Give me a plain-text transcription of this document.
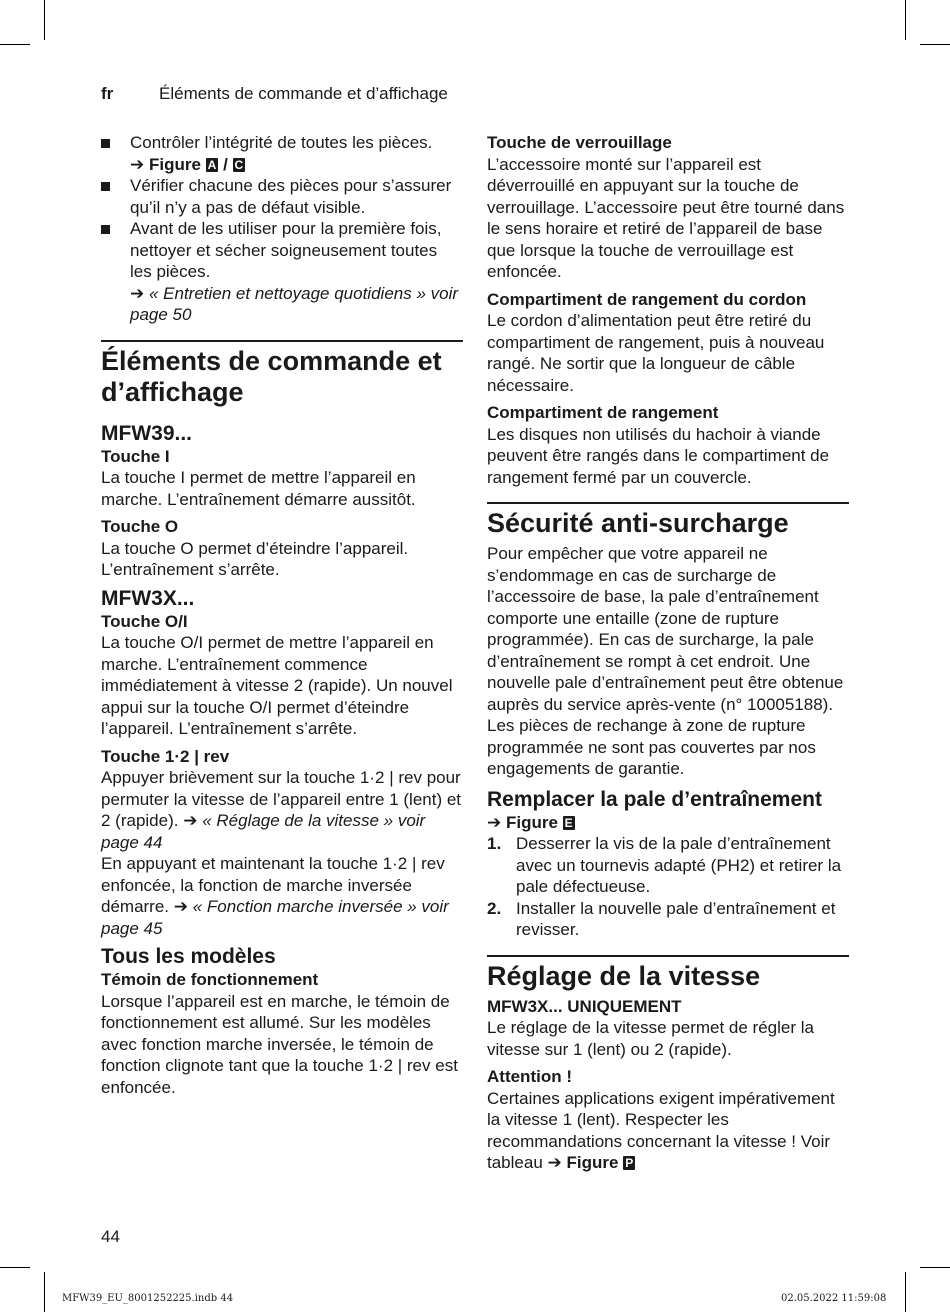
fr	Éléments de commande et d’affichage
Contrôler l’intégrité de toutes les pièces.
➔ Figure A / C
Vérifier chacune des pièces pour s’assurer qu’il n’y a pas de défaut visible.
Avant de les utiliser pour la première fois, nettoyer et sécher soigneusement toutes les pièces.
➔ « Entretien et nettoyage quotidiens » voir page 50
Éléments de commande et d’affichage
MFW39...
Touche I

La touche I permet de mettre l’appareil en marche. L’entraînement démarre aussitôt.

Touche O

La touche O permet d’éteindre l’appareil. L’entraînement s’arrête.

MFW3X...
Touche O/I

La touche O/I permet de mettre l’appareil en marche. L’entraînement commence immédiatement à vitesse 2 (rapide). Un nouvel appui sur la touche O/I permet d’éteindre l’appareil. L’entraînement s’arrête.

Touche 1·2 | rev

Appuyer brièvement sur la touche 1·2 | rev pour permuter la vitesse de l’appareil entre 1 (lent) et 2 (rapide). ➔ « Réglage de la vitesse » voir page 44

En appuyant et maintenant la touche 1·2 | rev enfoncée, la fonction de marche inversée démarre. ➔ « Fonction marche inversée » voir page 45

Tous les modèles
Témoin de fonctionnement

Lorsque l’appareil est en marche, le témoin de fonctionnement est allumé. Sur les modèles avec fonction marche inversée, le témoin de fonction clignote tant que la touche 1·2 | rev est enfoncée.

Touche de verrouillage

L’accessoire monté sur l’appareil est déverrouillé en appuyant sur la touche de verrouillage. L’accessoire peut être tourné dans le sens horaire et retiré de l’appareil de base que lorsque la touche de verrouillage est enfoncée.

Compartiment de rangement du cordon

Le cordon d’alimentation peut être retiré du compartiment de rangement, puis à nouveau rangé. Ne sortir que la longueur de câble nécessaire.

Compartiment de rangement

Les disques non utilisés du hachoir à viande peuvent être rangés dans le compartiment de rangement fermé par un couvercle.

Sécurité anti-surcharge

Pour empêcher que votre appareil ne s’endommage en cas de surcharge de l’accessoire de base, la pale d’entraînement comporte une entaille (zone de rupture programmée). En cas de surcharge, la pale d’entraînement se rompt à cet endroit. Une nouvelle pale d’entraînement peut être obtenue auprès du service après-vente (n° 10005188). Les pièces de rechange à zone de rupture programmée ne sont pas couvertes par nos engagements de garantie.

Remplacer la pale d’entraînement

➔ Figure E

1. Desserrer la vis de la pale d’entraînement avec un tournevis adapté (PH2) et retirer la pale défectueuse.
2. Installer la nouvelle pale d’entraînement et revisser.
Réglage de la vitesse
MFW3X... UNIQUEMENT

Le réglage de la vitesse permet de régler la vitesse sur 1 (lent) ou 2 (rapide).

Attention !

Certaines applications exigent impérativement la vitesse 1 (lent). Respecter les recommandations concernant la vitesse ! Voir tableau ➔ Figure P

44
MFW39_EU_8001252225.indb 44	02.05.2022 11:59:08
